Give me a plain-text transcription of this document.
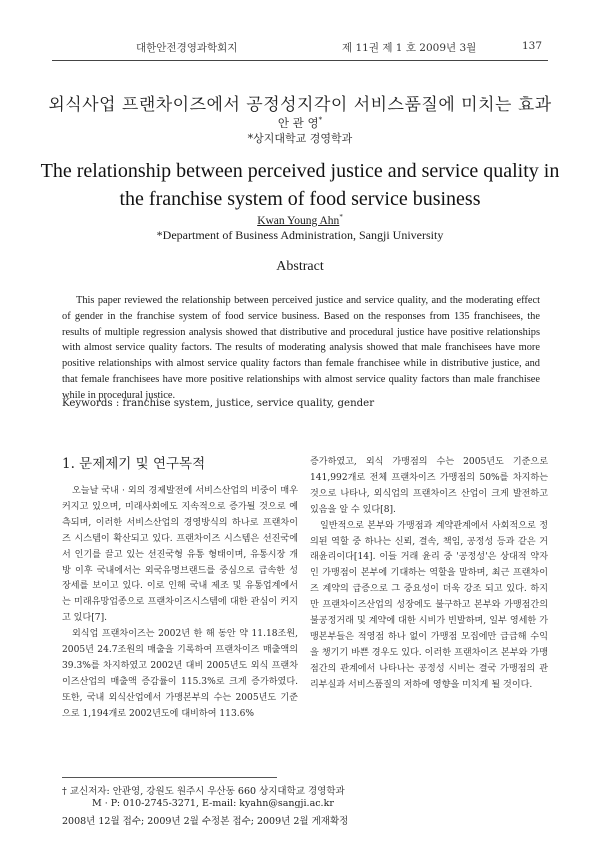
대한안전경영과학회지	제 11권 제 1 호 2009년 3월	137
외식사업 프랜차이즈에서 공정성지각이 서비스품질에 미치는 효과
안 관 영*
*상지대학교 경영학과
The relationship between perceived justice and service quality in the franchise system of food service business
Kwan Young Ahn*
*Department of Business Administration, Sangji University
Abstract

This paper reviewed the relationship between perceived justice and service quality, and the moderating effect of gender in the franchise system of food service business. Based on the responses from 135 franchisees, the results of multiple regression analysis showed that distributive and procedural justice have positive relationships with almost service quality factors. The results of moderating analysis showed that male franchisees have more positive relationships with almost service quality factors than female franchisee while in distributive justice, and that female franchisees have more positive relationships with almost service quality factors than male franchisee while in procedural justice.

Keywords : franchise system, justice, service quality, gender
1. 문제제기 및 연구목적

오늘날 국내 · 외의 경제발전에 서비스산업의 비중이 매우 커지고 있으며, 미래사회에도 지속적으로 증가될 것으로 예측되며, 이러한 서비스산업의 경영방식의 하나로 프랜차이즈 시스템이 확산되고 있다. 프랜차이즈 시스템은 선진국에서 인기를 끌고 있는 선진국형 유통 형태이며, 유통시장 개방 이후 국내에서는 외국유명브랜드를 중심으로 급속한 성장세를 보이고 있다. 이로 인해 국내 제조 및 유통업계에서는 미래유망업종으로 프랜차이즈시스템에 대한 관심이 커지고 있다[7].

외식업 프랜차이즈는 2002년 한 해 동안 약 11.18조원, 2005년 24.7조원의 매출을 기록하여 프랜차이즈 매출액의 39.3%를 차지하였고 2002년 대비 2005년도 외식 프랜차이즈산업의 매출액 증감률이 115.3%로 크게 증가하였다. 또한, 국내 외식산업에서 가맹본부의 수는 2005년도 기준으로 1,194개로 2002년도에 대비하여 113.6%

증가하였고, 외식 가맹점의 수는 2005년도 기준으로 141,992개로 전체 프랜차이즈 가맹점의 50%를 차지하는 것으로 나타나, 외식업의 프랜차이즈 산업이 크게 발전하고 있음을 알 수 있다[8].

일반적으로 본부와 가맹점과 계약관계에서 사회적으로 정의된 역할 중 하나는 신뢰, 결속, 책임, 공정성 등과 같은 거래윤리이다[14]. 이들 거래 윤리 중 '공정성'은 상대적 약자인 가맹점이 본부에 기대하는 역할을 말하며, 최근 프랜차이즈 계약의 급증으로 그 중요성이 더욱 강조 되고 있다. 하지만 프랜차이즈산업의 성장에도 불구하고 본부와 가맹점간의 불공정거래 및 계약에 대한 시비가 빈발하며, 일부 영세한 가맹본부들은 적영점 하나 없이 가맹점 모집에만 급급해 수익을 챙기기 바쁜 경우도 있다. 이러한 프랜차이즈 본부와 가맹점간의 관계에서 나타나는 공정성 시비는 결국 가맹점의 관리부실과 서비스품질의 저하에 영향을 미치게 될 것이다.

† 교신저자: 안관영, 강원도 원주시 우산동 660 상지대학교 경영학과
M · P: 010-2745-3271, E-mail: kyahn@sangji.ac.kr
2008년 12월 접수; 2009년 2월 수정본 접수; 2009년 2월 게재확정
